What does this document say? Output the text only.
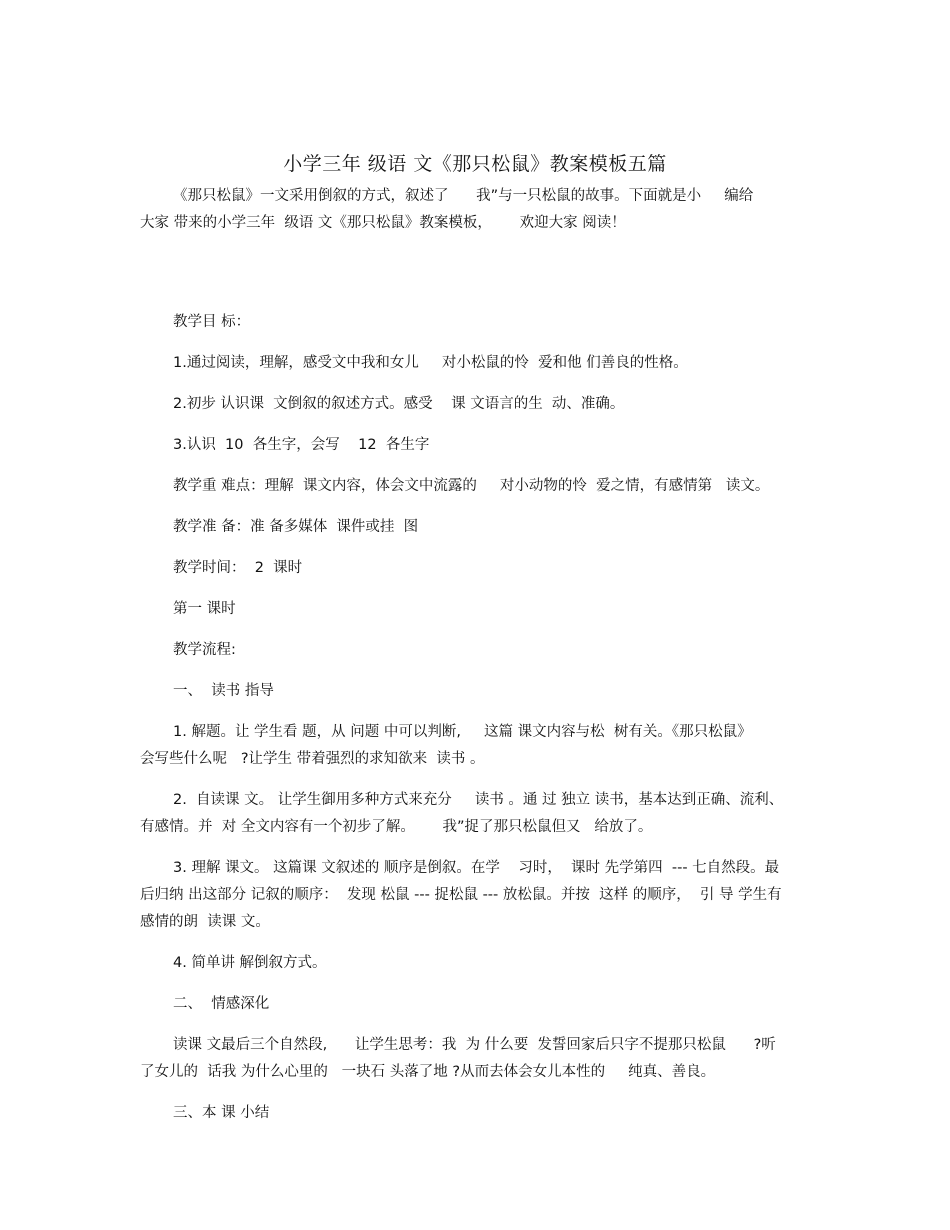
小学三年 级语 文《那只松鼠》教案模板五篇
《那只松鼠》一文采用倒叙的方式，叙述了      我”与一只松鼠的故事。下面就是小     编给
大家 带来的小学三年  级语 文《那只松鼠》教案模板，      欢迎大家 阅读！
教学目 标：
1.通过阅读，理解，感受文中我和女儿     对小松鼠的怜  爱和他 们善良的性格。
2.初步 认识课  文倒叙的叙述方式。感受    课 文语言的生  动、准确。
3.认识  10  各生字，会写    12  各生字
教学重 难点：理解  课文内容，体会文中流露的     对小动物的怜  爱之情，有感情第   读文。
教学准 备：准 备多媒体  课件或挂  图
教学时间：  2  课时
第一 课时
教学流程:
一、  读书 指导
1. 解题。让 学生看 题，从 问题 中可以判断,     这篇 课文内容与松  树有关。《那只松鼠》
会写些什么呢   ?让学生 带着强烈的求知欲来  读书 。
2.  自读课 文。 让学生御用多种方式来充分     读书 。通 过 独立 读书，基本达到正确、流利、
有感情。并  对 全文内容有一个初步了解。      我”捉了那只松鼠但又   给放了。
3. 理解 课文。 这篇课 文叙述的 顺序是倒叙。在学    习时，  课时 先学第四  --- 七自然段。最
后归纳 出这部分 记叙的顺序：  发现 松鼠 --- 捉松鼠 --- 放松鼠。并按  这样 的顺序，  引 导 学生有
感情的朗  读课 文。
4. 简单讲 解倒叙方式。
二、  情感深化
读课 文最后三个自然段,      让学生思考：我  为 什么要  发誓回家后只字不提那只松鼠      ?听
了女儿的  话我 为什么心里的   一块石 头落了地 ?从而去体会女儿本性的     纯真、善良。
三、本 课 小结
